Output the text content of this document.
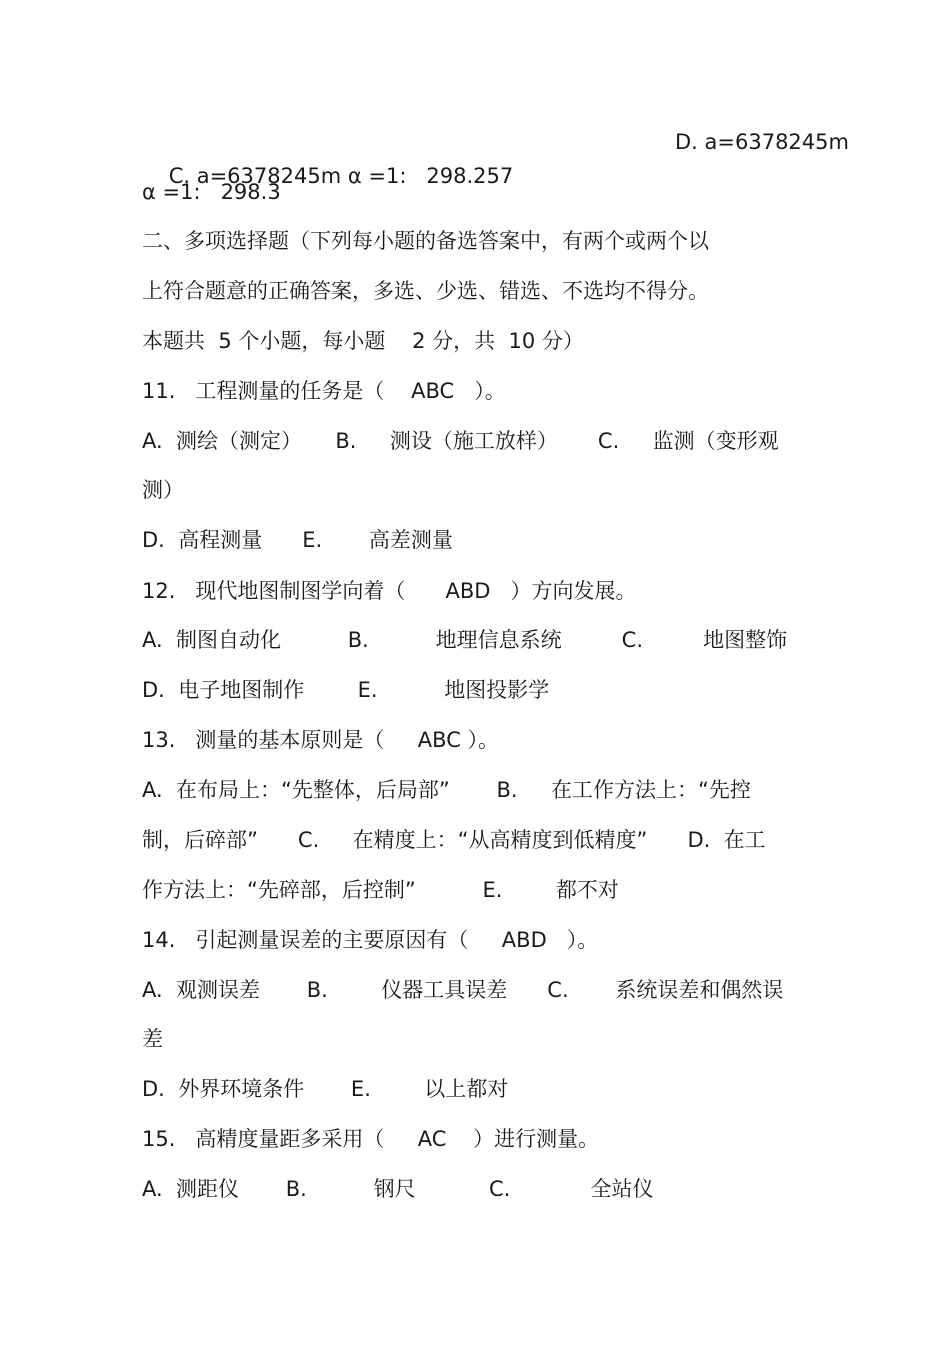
C. a=6378245m α =1:   298.257

D. a=6378245m

α =1:   298.3
二、多项选择题（下列每小题的备选答案中，有两个或两个以
上符合题意的正确答案，多选、少选、错选、不选均不得分。
本题共  5 个小题，每小题    2 分，共  10 分）
11.   工程测量的任务是（    ABC   ）。
A.  测绘（测定）     B.     测设（施工放样）      C.     监测（变形观
测）
D.  高程测量      E.       高差测量
12.   现代地图制图学向着（      ABD   ）方向发展。
A.  制图自动化          B.          地理信息系统         C.         地图整饰
D.  电子地图制作        E.          地图投影学
13.   测量的基本原则是（     ABC ）。
A.  在布局上：“先整体，后局部”       B.     在工作方法上：“先控
制，后碎部”      C.     在精度上：“从高精度到低精度”      D.  在工
作方法上：“先碎部，后控制”          E.        都不对
14.   引起测量误差的主要原因有（     ABD   ）。
A.  观测误差       B.        仪器工具误差      C.       系统误差和偶然误
差
D.  外界环境条件       E.        以上都对
15.   高精度量距多采用（     AC    ）进行测量。
A.  测距仪       B.          钢尺           C.            全站仪
